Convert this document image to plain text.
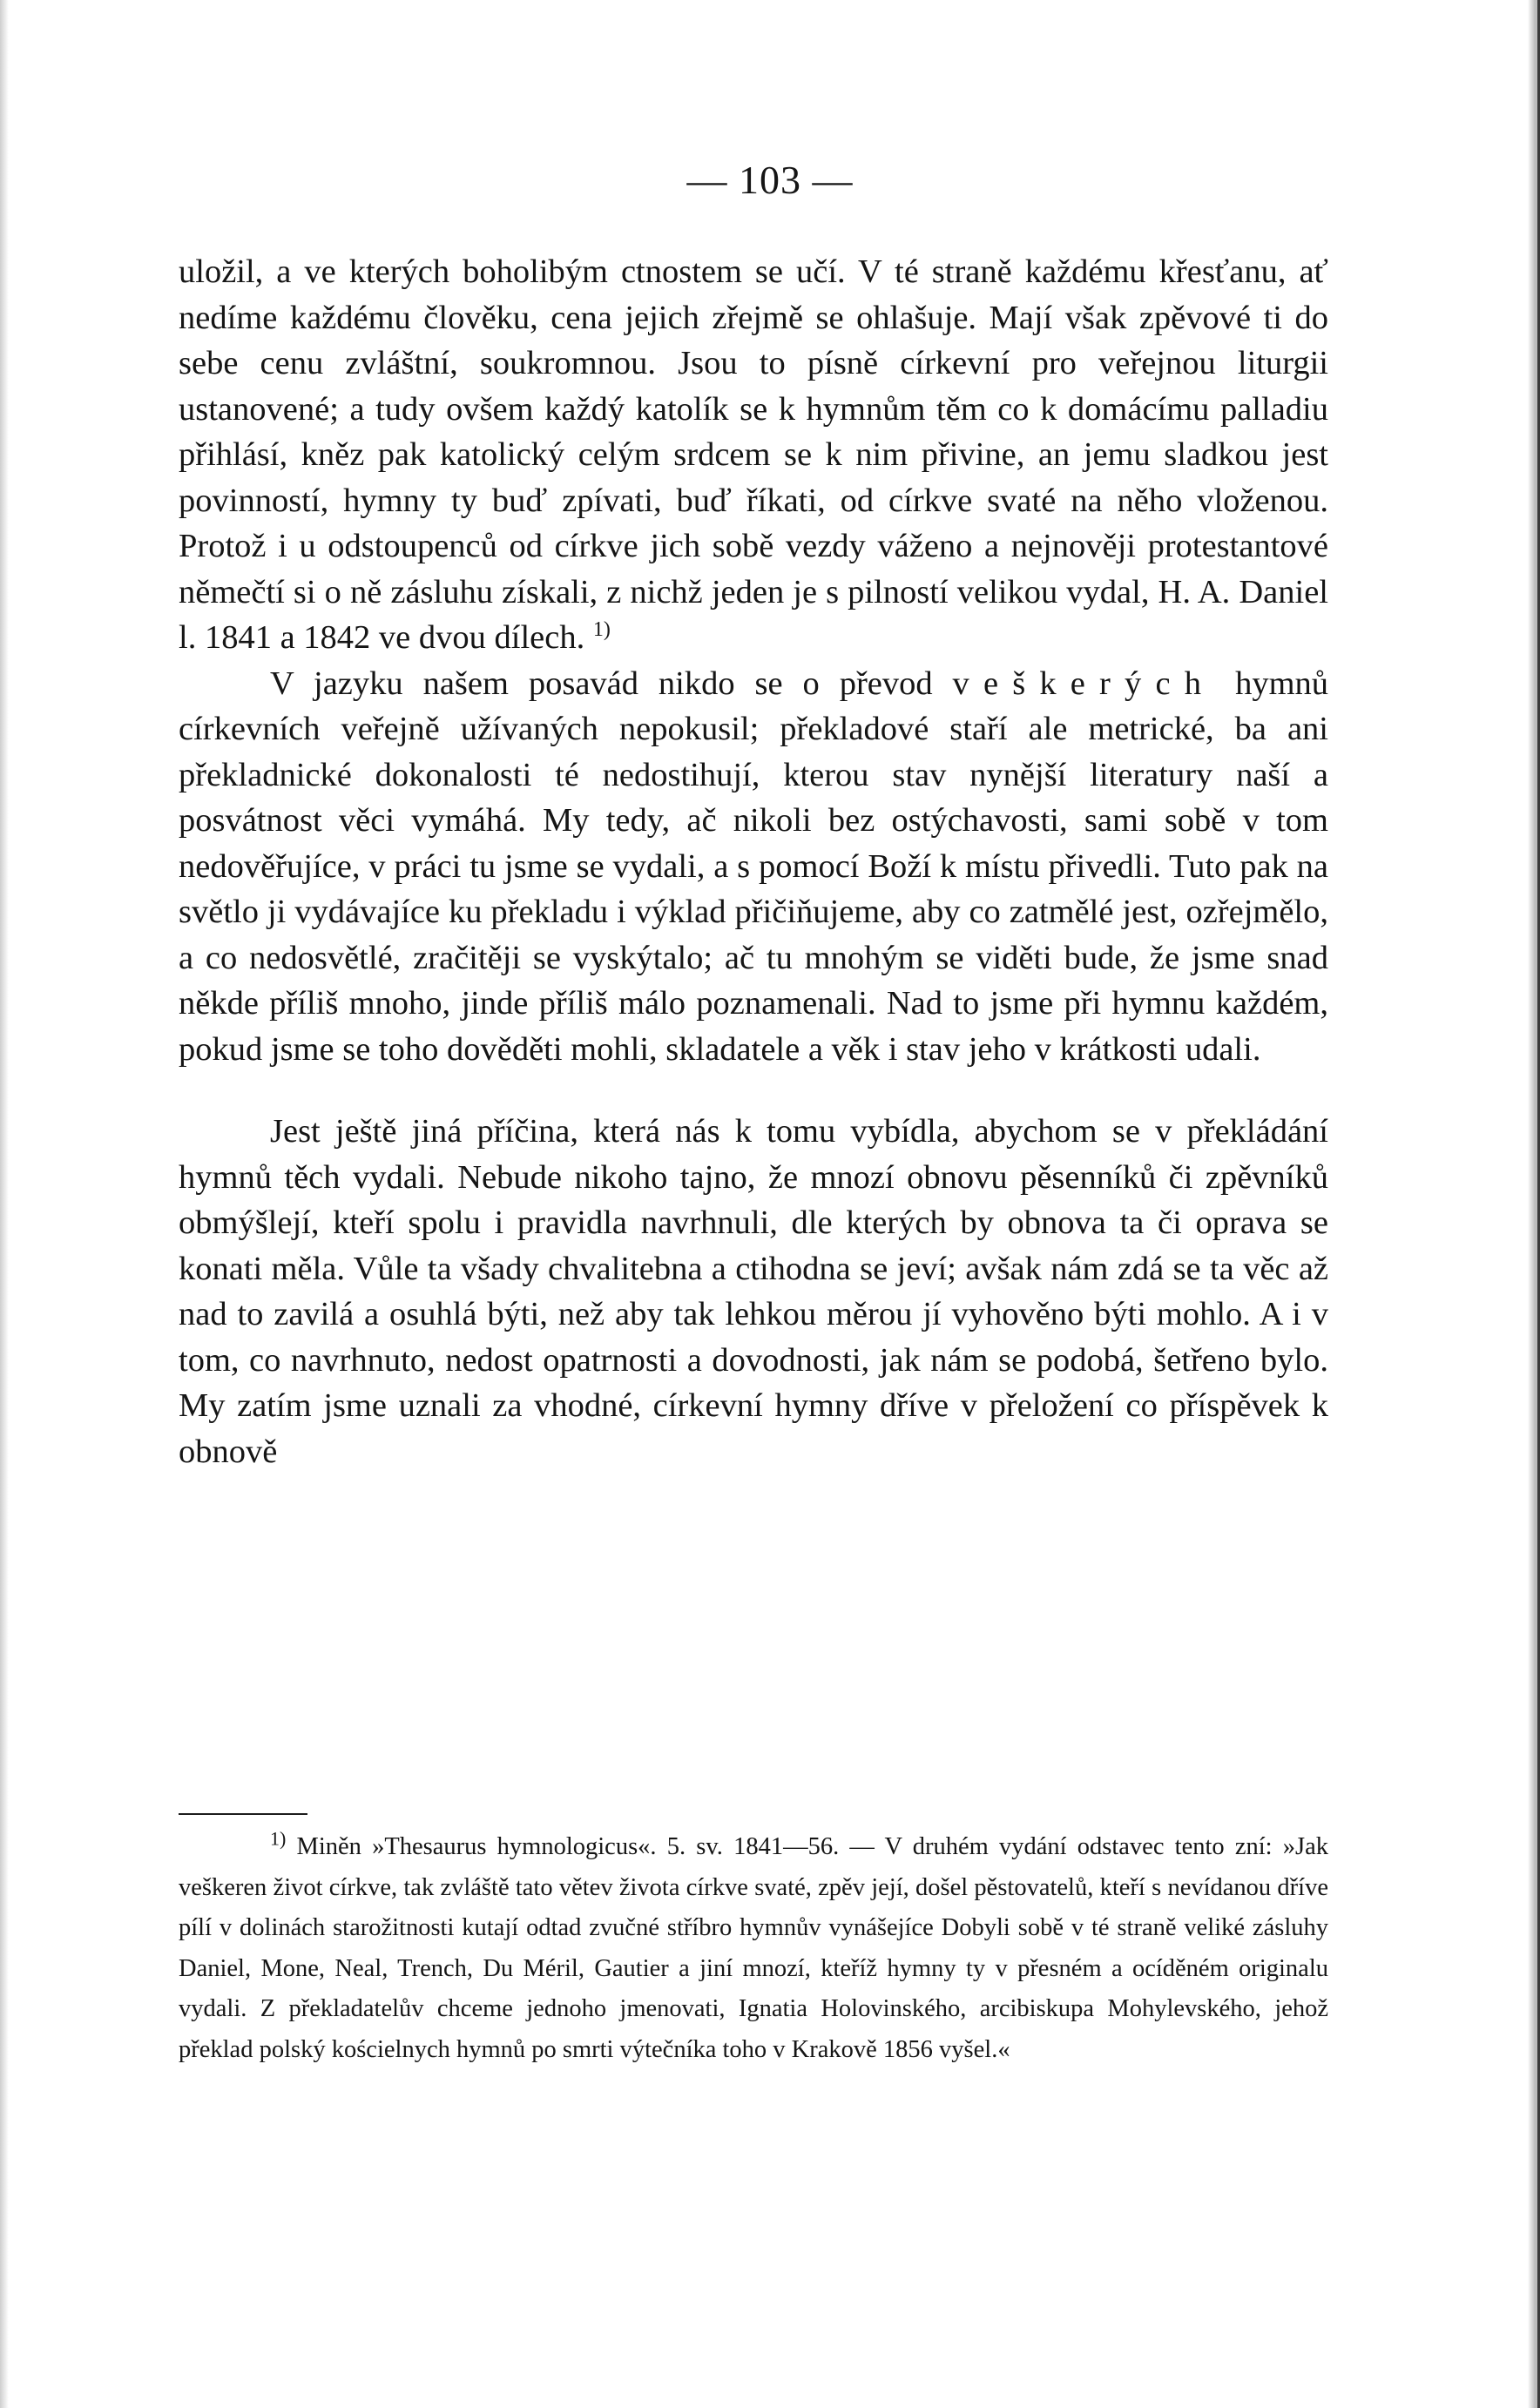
— 103 —

uložil, a ve kterých boholibým ctnostem se učí. V té straně každému křesťanu, ať nedíme každému člověku, cena jejich zřejmě se ohlašuje. Mají však zpěvové ti do sebe cenu zvláštní, soukromnou. Jsou to písně církevní pro veřejnou liturgii ustanovené; a tudy ovšem každý katolík se k hymnům těm co k domácímu palladiu přihlásí, kněz pak katolický celým srdcem se k nim přivine, an jemu sladkou jest povinností, hymny ty buď zpívati, buď říkati, od církve svaté na něho vloženou. Protož i u odstoupenců od církve jich sobě vezdy váženo a nejnověji protestantové němečtí si o ně zásluhu získali, z nichž jeden je s pilností velikou vydal, H. A. Daniel l. 1841 a 1842 ve dvou dílech. $^{1)}$

V jazyku našem posavád nikdo se o převod veškerých hymnů církevních veřejně užívaných nepokusil; překladové staří ale metrické, ba ani překladnické dokonalosti té nedostihují, kterou stav nynější literatury naší a posvátnost věci vymáhá. My tedy, ač nikoli bez ostýchavosti, sami sobě v tom nedověřujíce, v práci tu jsme se vydali, a s pomocí Boží k místu přivedli. Tuto pak na světlo ji vydávajíce ku překladu i výklad přičiňujeme, aby co zatmělé jest, ozřejmělo, a co nedosvětlé, zračitěji se vyskýtalo; ač tu mnohým se viděti bude, že jsme snad někde příliš mnoho, jinde příliš málo poznamenali. Nad to jsme při hymnu každém, pokud jsme se toho dověděti mohli, skladatele a věk i stav jeho v krátkosti udali.

Jest ještě jiná příčina, která nás k tomu vybídla, abychom se v překládání hymnů těch vydali. Nebude nikoho tajno, že mnozí obnovu pěsenníků či zpěvníků obmýšlejí, kteří spolu i pravidla navrhnuli, dle kterých by obnova ta či oprava se konati měla. Vůle ta všady chvalitebna a ctihodna se jeví; avšak nám zdá se ta věc až nad to zavilá a osuhlá býti, než aby tak lehkou měrou jí vyhověno býti mohlo. A i v tom, co navrhnuto, nedost opatrnosti a dovodnosti, jak nám se podobá, šetřeno bylo. My zatím jsme uznali za vhodné, církevní hymny dříve v přeložení co příspěvek k obnově

$^{1)}$ Miněn »Thesaurus hymnologicus«. 5. sv. 1841—56. — V druhém vydání odstavec tento zní: »Jak veškeren život církve, tak zvláště tato větev života církve svaté, zpěv její, došel pěstovatelů, kteří s nevídanou dříve pílí v dolinách starožitnosti kutají odtad zvučné stříbro hymnův vynášejíce Dobyli sobě v té straně veliké zásluhy Daniel, Mone, Neal, Trench, Du Méril, Gautier a jiní mnozí, kteříž hymny ty v přesném a ocíděném originalu vydali. Z překladatelův chceme jednoho jmenovati, Ignatia Holovinského, arcibiskupa Mohylevského, jehož překlad polský kościelnych hymnů po smrti výtečníka toho v Krakově 1856 vyšel.«
